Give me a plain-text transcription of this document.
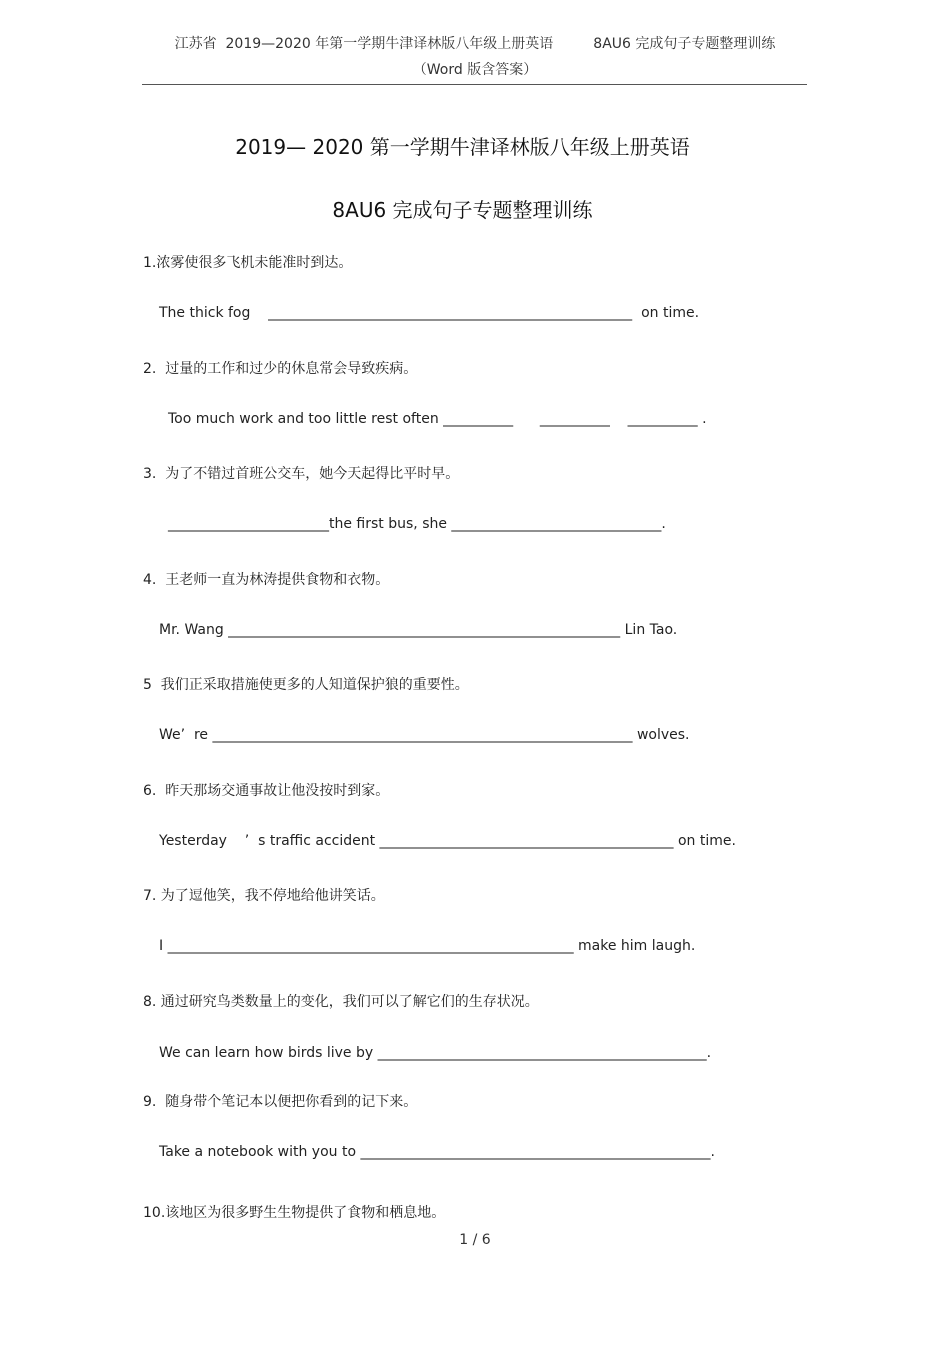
江苏省  2019—2020 年第一学期牛津译林版八年级上册英语         8AU6 完成句子专题整理训练
（Word 版含答案）
2019— 2020 第一学期牛津译林版八年级上册英语
8AU6 完成句子专题整理训练
1.浓雾使很多飞机未能准时到达。
The thick fog    ____________________________________________________  on time.
2.  过量的工作和过少的休息常会导致疾病。
Too much work and too little rest often __________      __________    __________ .
3.  为了不错过首班公交车，她今天起得比平时早。
_______________________the first bus, she ______________________________.
4.  王老师一直为林涛提供食物和衣物。
Mr. Wang ________________________________________________________ Lin Tao.
5  我们正采取措施使更多的人知道保护狼的重要性。
We’  re ____________________________________________________________ wolves.
6.  昨天那场交通事故让他没按时到家。
Yesterday    ’  s traffic accident __________________________________________ on time.
7. 为了逗他笑，我不停地给他讲笑话。
I __________________________________________________________ make him laugh.
8. 通过研究鸟类数量上的变化，我们可以了解它们的生存状况。
We can learn how birds live by _______________________________________________.
9.  随身带个笔记本以便把你看到的记下来。
Take a notebook with you to __________________________________________________.
10.该地区为很多野生生物提供了食物和栖息地。
1 / 6
